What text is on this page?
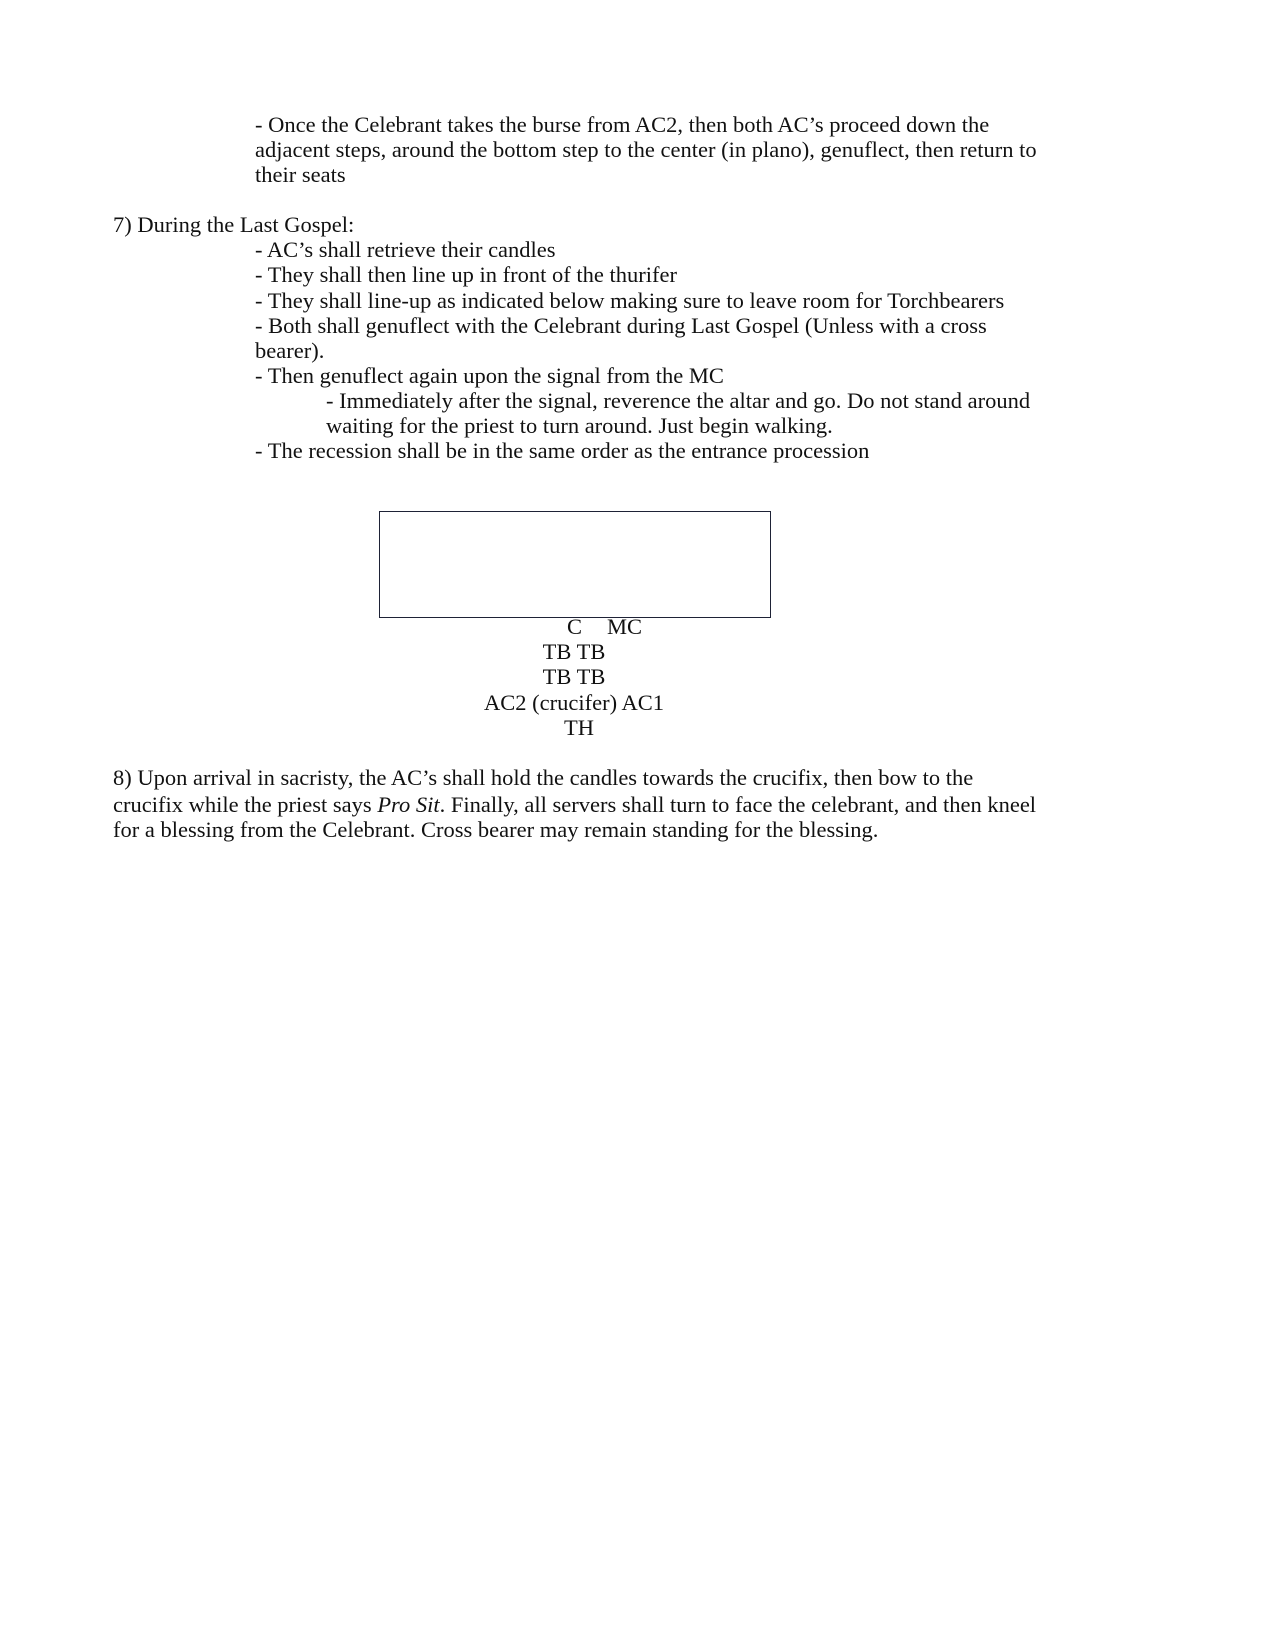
- Once the Celebrant takes the burse from AC2, then both AC’s proceed down the
adjacent steps, around the bottom step to the center (in plano), genuflect, then return to
their seats
7) During the Last Gospel:
- AC’s shall retrieve their candles
- They shall then line up in front of the thurifer
- They shall line-up as indicated below making sure to leave room for Torchbearers
- Both shall genuflect with the Celebrant during Last Gospel (Unless with a cross
bearer).
- Then genuflect again upon the signal from the MC
- Immediately after the signal, reverence the altar and go. Do not stand around
waiting for the priest to turn around. Just begin walking.
- The recession shall be in the same order as the entrance procession
C MC
TB TB
TB TB
AC2 (crucifer) AC1
TH
8) Upon arrival in sacristy, the AC’s shall hold the candles towards the crucifix, then bow to the
crucifix while the priest says Pro Sit. Finally, all servers shall turn to face the celebrant, and then kneel
for a blessing from the Celebrant. Cross bearer may remain standing for the blessing.
